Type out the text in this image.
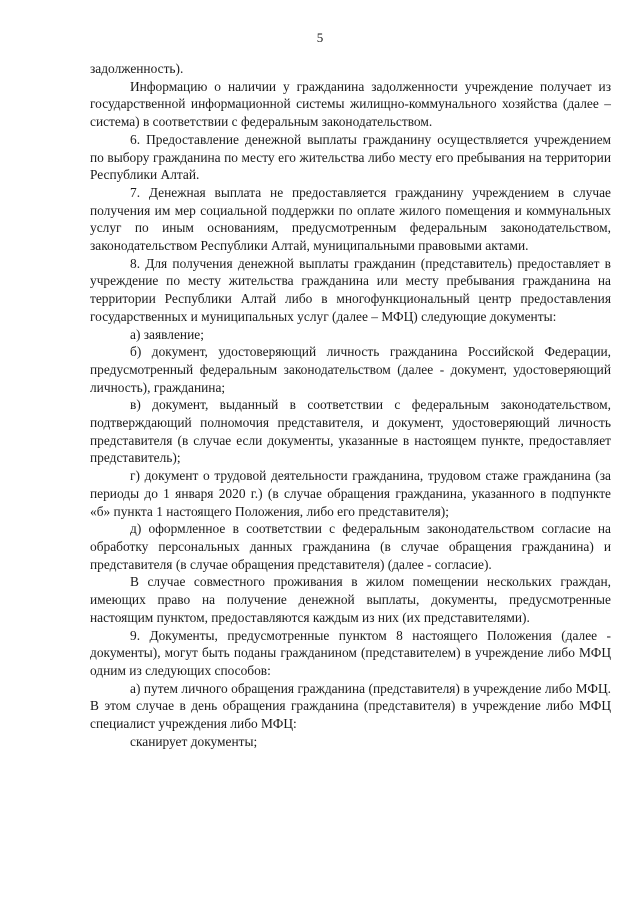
5

задолженность).

Информацию о наличии у гражданина задолженности учреждение получает из государственной информационной системы жилищно-коммунального хозяйства (далее – система) в соответствии с федеральным законодательством.

6. Предоставление денежной выплаты гражданину осуществляется учреждением по выбору гражданина по месту его жительства либо месту его пребывания на территории Республики Алтай.

7. Денежная выплата не предоставляется гражданину учреждением в случае получения им мер социальной поддержки по оплате жилого помещения и коммунальных услуг по иным основаниям, предусмотренным федеральным законодательством, законодательством Республики Алтай, муниципальными правовыми актами.

8. Для получения денежной выплаты гражданин (представитель) предоставляет в учреждение по месту жительства гражданина или месту пребывания гражданина на территории Республики Алтай либо в многофункциональный центр предоставления государственных и муниципальных услуг (далее – МФЦ) следующие документы:

а) заявление;

б) документ, удостоверяющий личность гражданина Российской Федерации, предусмотренный федеральным законодательством (далее - документ, удостоверяющий личность), гражданина;

в) документ, выданный в соответствии с федеральным законодательством, подтверждающий полномочия представителя, и документ, удостоверяющий личность представителя (в случае если документы, указанные в настоящем пункте, предоставляет представитель);

г) документ о трудовой деятельности гражданина, трудовом стаже гражданина (за периоды до 1 января 2020 г.) (в случае обращения гражданина, указанного в подпункте «б» пункта 1 настоящего Положения, либо его представителя);

д) оформленное в соответствии с федеральным законодательством согласие на обработку персональных данных гражданина (в случае обращения гражданина) и представителя (в случае обращения представителя) (далее - согласие).

В случае совместного проживания в жилом помещении нескольких граждан, имеющих право на получение денежной выплаты, документы, предусмотренные настоящим пунктом, предоставляются каждым из них (их представителями).

9. Документы, предусмотренные пунктом 8 настоящего Положения (далее - документы), могут быть поданы гражданином (представителем) в учреждение либо МФЦ одним из следующих способов:

а) путем личного обращения гражданина (представителя) в учреждение либо МФЦ. В этом случае в день обращения гражданина (представителя) в учреждение либо МФЦ специалист учреждения либо МФЦ:

сканирует документы;
